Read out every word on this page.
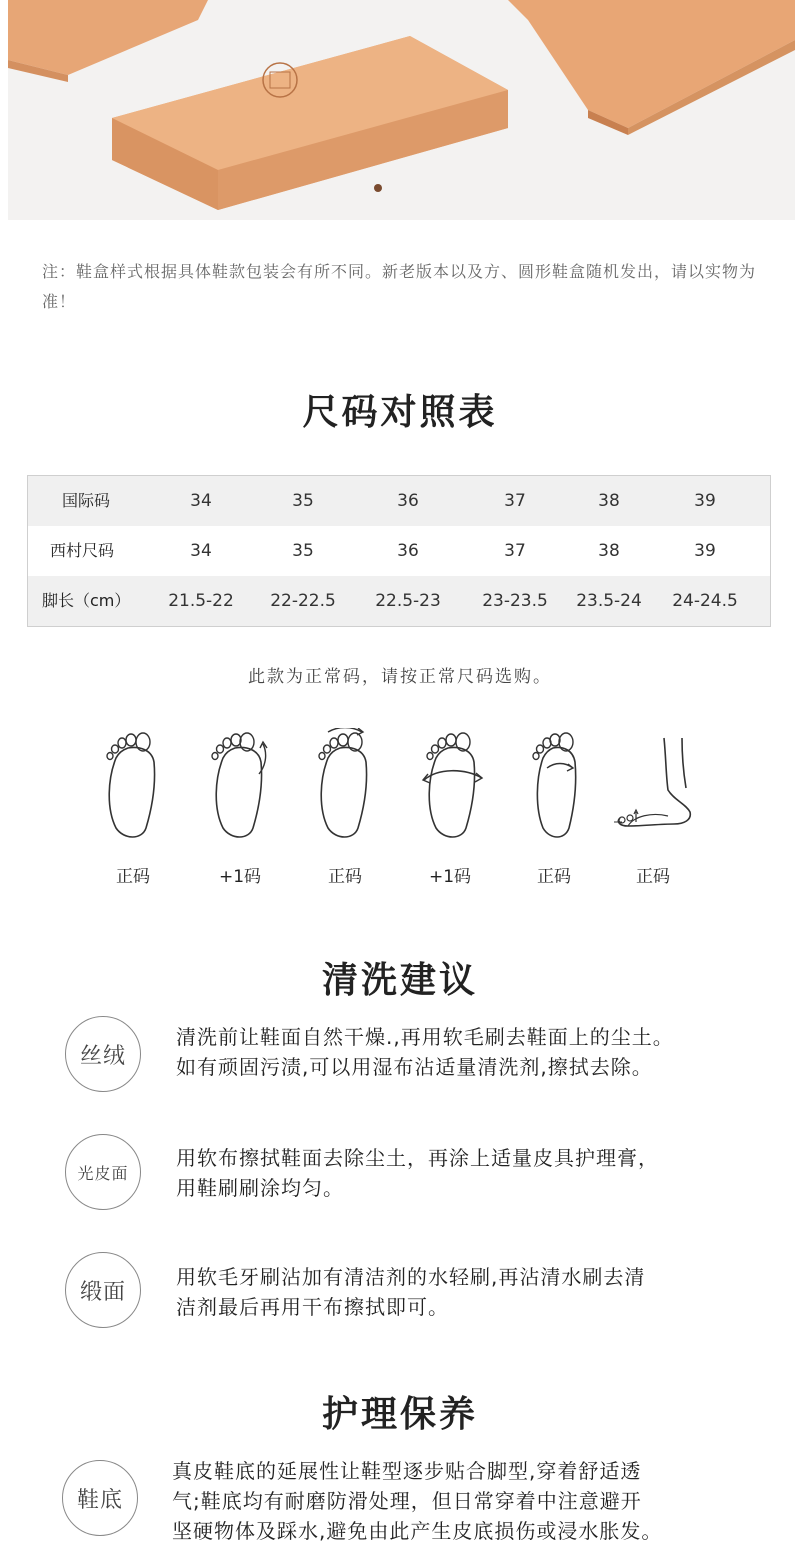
注：鞋盒样式根据具体鞋款包装会有所不同。新老版本以及方、圆形鞋盒随机发出，请以实物为准！
尺码对照表
国际码	34	35	36	37	38	39
西村尺码	34	35	36	37	38	39
脚长（cm）	21.5-22	22-22.5	22.5-23	23-23.5	23.5-24	24-24.5
此款为正常码，请按正常尺码选购。
正码	+1码	正码	+1码	正码	正码
清洗建议
丝绒
清洗前让鞋面自然干燥.,再用软毛刷去鞋面上的尘土。
如有顽固污渍,可以用湿布沾适量清洗剂,擦拭去除。
光皮面
用软布擦拭鞋面去除尘土，再涂上适量皮具护理膏，
用鞋刷刷涂均匀。
缎面
用软毛牙刷沾加有清洁剂的水轻刷,再沾清水刷去清
洁剂最后再用干布擦拭即可。
护理保养
鞋底
真皮鞋底的延展性让鞋型逐步贴合脚型,穿着舒适透
气;鞋底均有耐磨防滑处理，但日常穿着中注意避开
坚硬物体及踩水,避免由此产生皮底损伤或浸水胀发。
